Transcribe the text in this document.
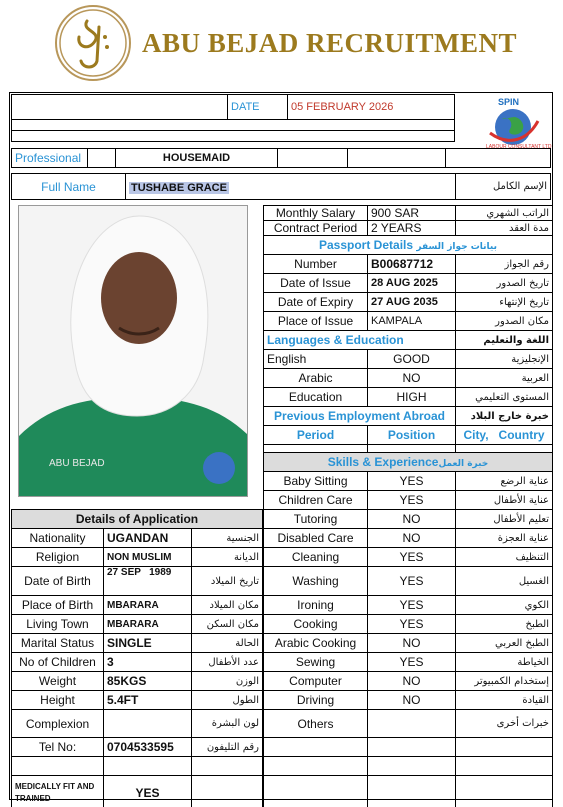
ABU BEJAD RECRUITMENT
	DATE	05 FEBRUARY 2026	SPIN
LABOUR CONSULTANT LTD
Professional		HOUSEMAID			
Full Name	TUSHABE GRACE	الإسم الكامل
ABU BEJAD
Monthly Salary	900 SAR	الراتب الشهري
Contract Period	2 YEARS	مدة العقد
Passport Details بيانات جواز السفر		
Number	B00687712	رقم الجواز
Date of Issue	28 AUG 2025	تاريخ الصدور
Date of Expiry	27 AUG 2035	تاريخ الإنتهاء
Place of Issue	KAMPALA	مكان الصدور
Languages & Education		اللغة والتعليم
English	GOOD	الإنجليزية
Arabic	NO	العربية
Education	HIGH	المستوى التعليمي
Previous Employment Abroad		خبرة خارج البلاد
Period	Position	City,   Country

Skills & Experienceخبرة العمل		
Baby Sitting	YES	عناية الرضع
Children Care	YES	عناية الأطفال
Tutoring	NO	تعليم الأطفال
Disabled Care	NO	عناية العجزة
Cleaning	YES	التنظيف
Washing	YES	الغسيل
Ironing	YES	الكوي
Cooking	YES	الطبخ
Arabic Cooking	NO	الطبخ العربي
Sewing	YES	الخياطة
Computer	NO	إستخدام الكمبيوتر
Driving	NO	القيادة
Others		خبرات أخرى

Details of Application		
Nationality	UGANDAN	الجنسية
Religion	NON MUSLIM	الديانة
Date of Birth	27 SEP   1989	تاريخ الميلاد
Place of Birth	MBARARA	مكان الميلاد
Living Town	MBARARA	مكان السكن
Marital Status	SINGLE	الحالة
No of Children	3	عدد الأطفال
Weight	85KGS	الوزن
Height	5.4FT	الطول
Complexion		لون البشرة
Tel No:	0704533595	رقم التليفون

MEDICALLY FIT AND TRAINED	YES	
